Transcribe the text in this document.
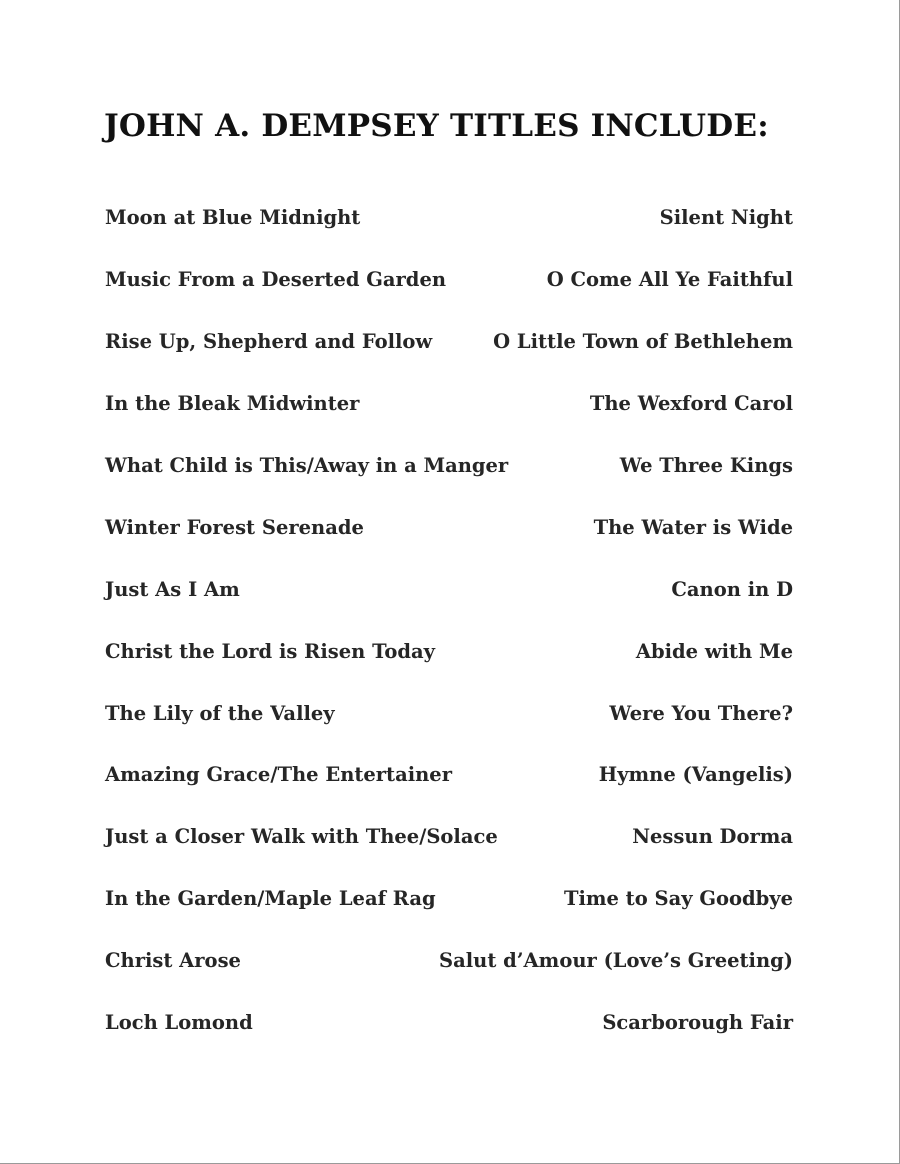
JOHN A. DEMPSEY TITLES INCLUDE:
Moon at Blue Midnight	Silent Night
Music From a Deserted Garden	O Come All Ye Faithful
Rise Up, Shepherd and Follow	O Little Town of Bethlehem
In the Bleak Midwinter	The Wexford Carol
What Child is This/Away in a Manger	We Three Kings
Winter Forest Serenade	The Water is Wide
Just As I Am	Canon in D
Christ the Lord is Risen Today	Abide with Me
The Lily of the Valley	Were You There?
Amazing Grace/The Entertainer	Hymne (Vangelis)
Just a Closer Walk with Thee/Solace	Nessun Dorma
In the Garden/Maple Leaf Rag	Time to Say Goodbye
Christ Arose	Salut d’Amour (Love’s Greeting)
Loch Lomond	Scarborough Fair
